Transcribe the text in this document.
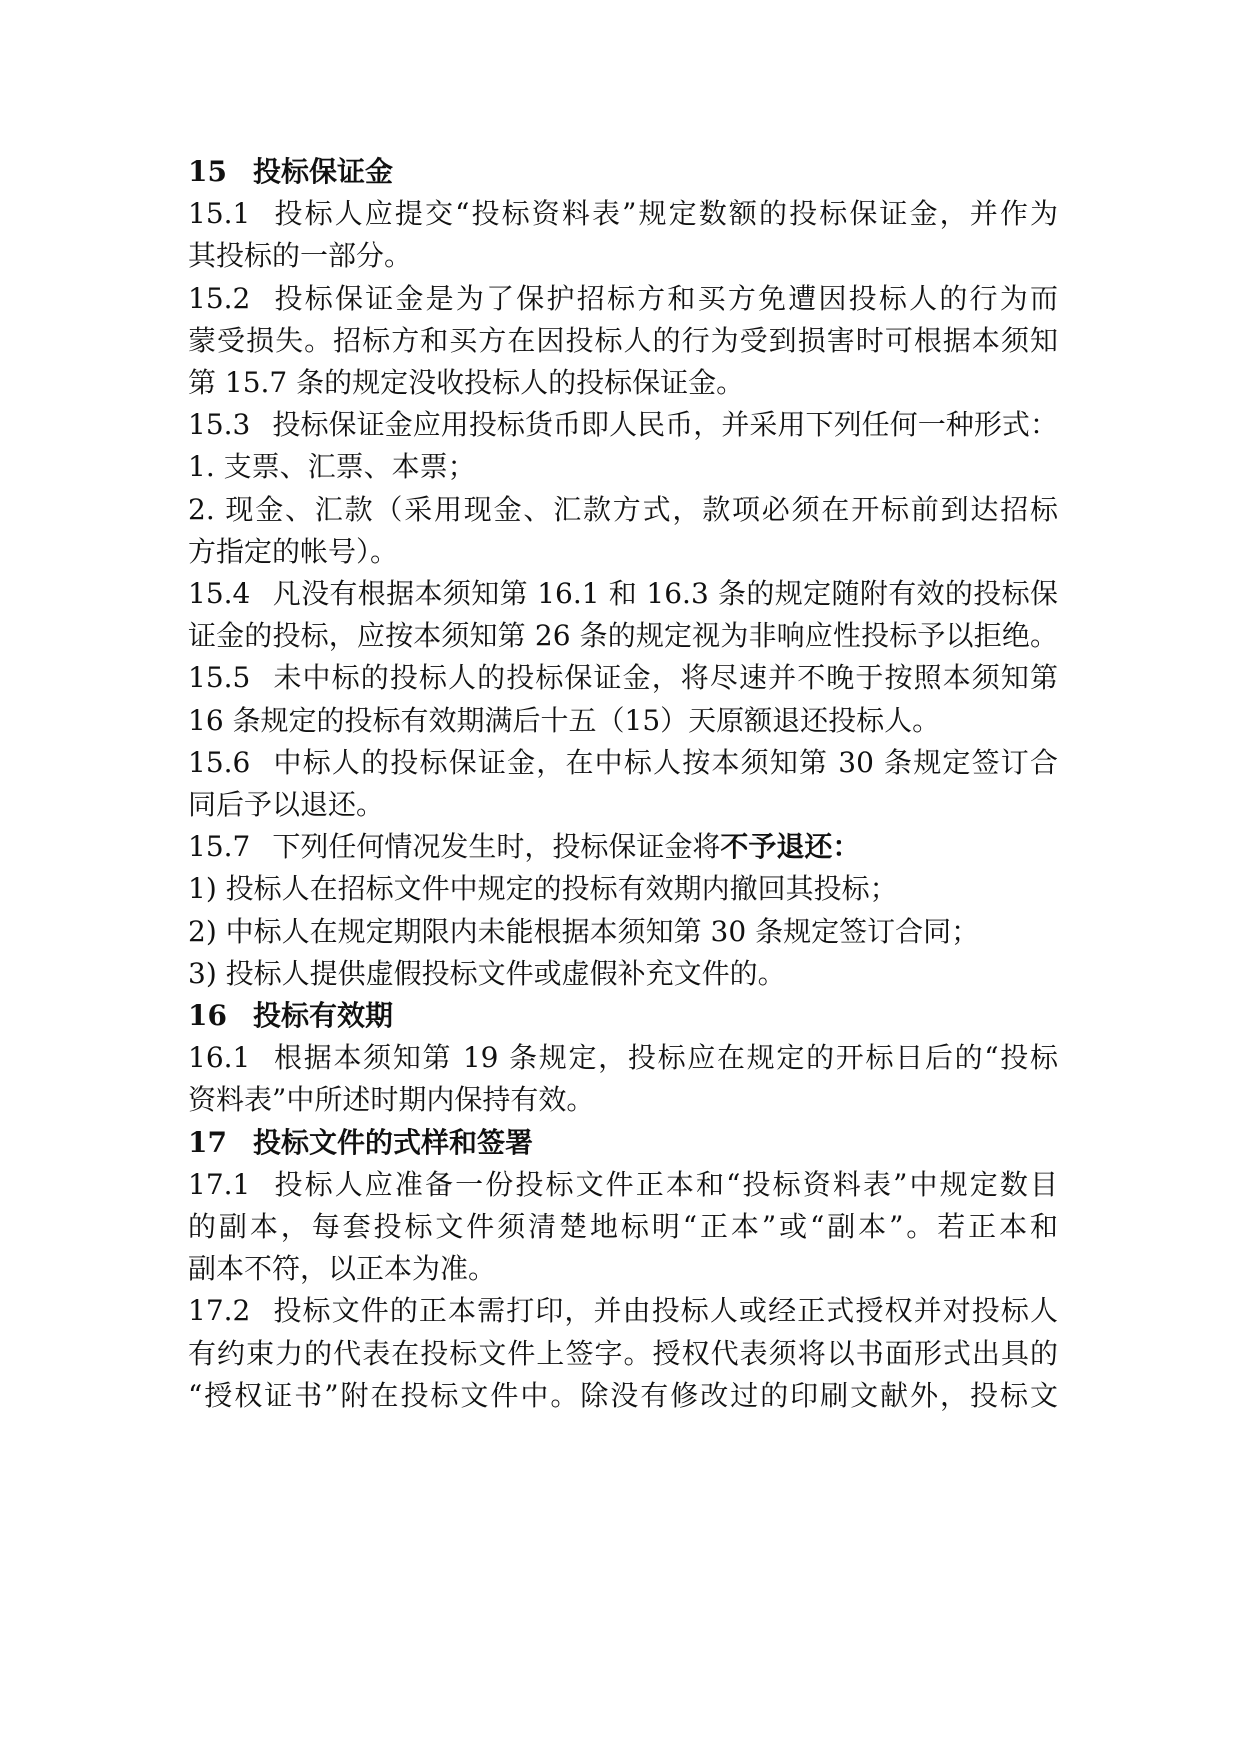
15 投标保证金
15.1 投标人应提交“投标资料表”规定数额的投标保证金，并作为
其投标的一部分。
15.2 投标保证金是为了保护招标方和买方免遭因投标人的行为而
蒙受损失。招标方和买方在因投标人的行为受到损害时可根据本须知
第 15.7 条的规定没收投标人的投标保证金。
15.3 投标保证金应用投标货币即人民币，并采用下列任何一种形式：
1. 支票、汇票、本票；
2. 现金、汇款（采用现金、汇款方式，款项必须在开标前到达招标
方指定的帐号）。
15.4 凡没有根据本须知第 16.1 和 16.3 条的规定随附有效的投标保
证金的投标，应按本须知第 26 条的规定视为非响应性投标予以拒绝。
15.5 未中标的投标人的投标保证金，将尽速并不晚于按照本须知第
16 条规定的投标有效期满后十五（15）天原额退还投标人。
15.6 中标人的投标保证金，在中标人按本须知第 30 条规定签订合
同后予以退还。
15.7 下列任何情况发生时，投标保证金将不予退还：
1) 投标人在招标文件中规定的投标有效期内撤回其投标；
2) 中标人在规定期限内未能根据本须知第 30 条规定签订合同；
3) 投标人提供虚假投标文件或虚假补充文件的。
16 投标有效期
16.1 根据本须知第 19 条规定，投标应在规定的开标日后的“投标
资料表”中所述时期内保持有效。
17 投标文件的式样和签署
17.1 投标人应准备一份投标文件正本和“投标资料表”中规定数目
的副本，每套投标文件须清楚地标明“正本”或“副本”。若正本和
副本不符，以正本为准。
17.2 投标文件的正本需打印，并由投标人或经正式授权并对投标人
有约束力的代表在投标文件上签字。授权代表须将以书面形式出具的
“授权证书”附在投标文件中。除没有修改过的印刷文献外，投标文
